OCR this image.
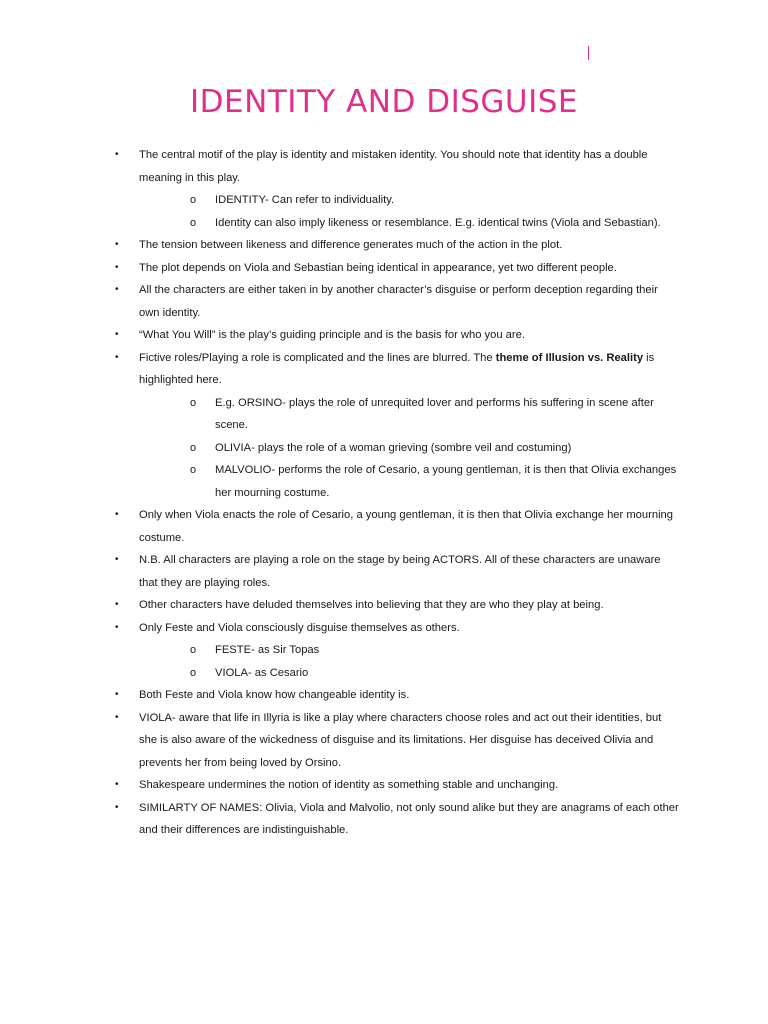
IDENTITY AND DISGUISE
• The central motif of the play is identity and mistaken identity. You should note that identity has a double meaning in this play.
o IDENTITY- Can refer to individuality.
o Identity can also imply likeness or resemblance. E.g. identical twins (Viola and Sebastian).
• The tension between likeness and difference generates much of the action in the plot.
• The plot depends on Viola and Sebastian being identical in appearance, yet two different people.
• All the characters are either taken in by another character’s disguise or perform deception regarding their own identity.
• “What You Will” is the play’s guiding principle and is the basis for who you are.
• Fictive roles/Playing a role is complicated and the lines are blurred. The theme of Illusion vs. Reality is highlighted here.
o E.g. ORSINO- plays the role of unrequited lover and performs his suffering in scene after scene.
o OLIVIA- plays the role of a woman grieving (sombre veil and costuming)
o MALVOLIO- performs the role of Cesario, a young gentleman, it is then that Olivia exchanges her mourning costume.
• Only when Viola enacts the role of Cesario, a young gentleman, it is then that Olivia exchange her mourning costume.
• N.B. All characters are playing a role on the stage by being ACTORS. All of these characters are unaware that they are playing roles.
• Other characters have deluded themselves into believing that they are who they play at being.
• Only Feste and Viola consciously disguise themselves as others.
o FESTE- as Sir Topas
o VIOLA- as Cesario
• Both Feste and Viola know how changeable identity is.
• VIOLA- aware that life in Illyria is like a play where characters choose roles and act out their identities, but she is also aware of the wickedness of disguise and its limitations. Her disguise has deceived Olivia and prevents her from being loved by Orsino.
• Shakespeare undermines the notion of identity as something stable and unchanging.
• SIMILARTY OF NAMES: Olivia, Viola and Malvolio, not only sound alike but they are anagrams of each other and their differences are indistinguishable.
